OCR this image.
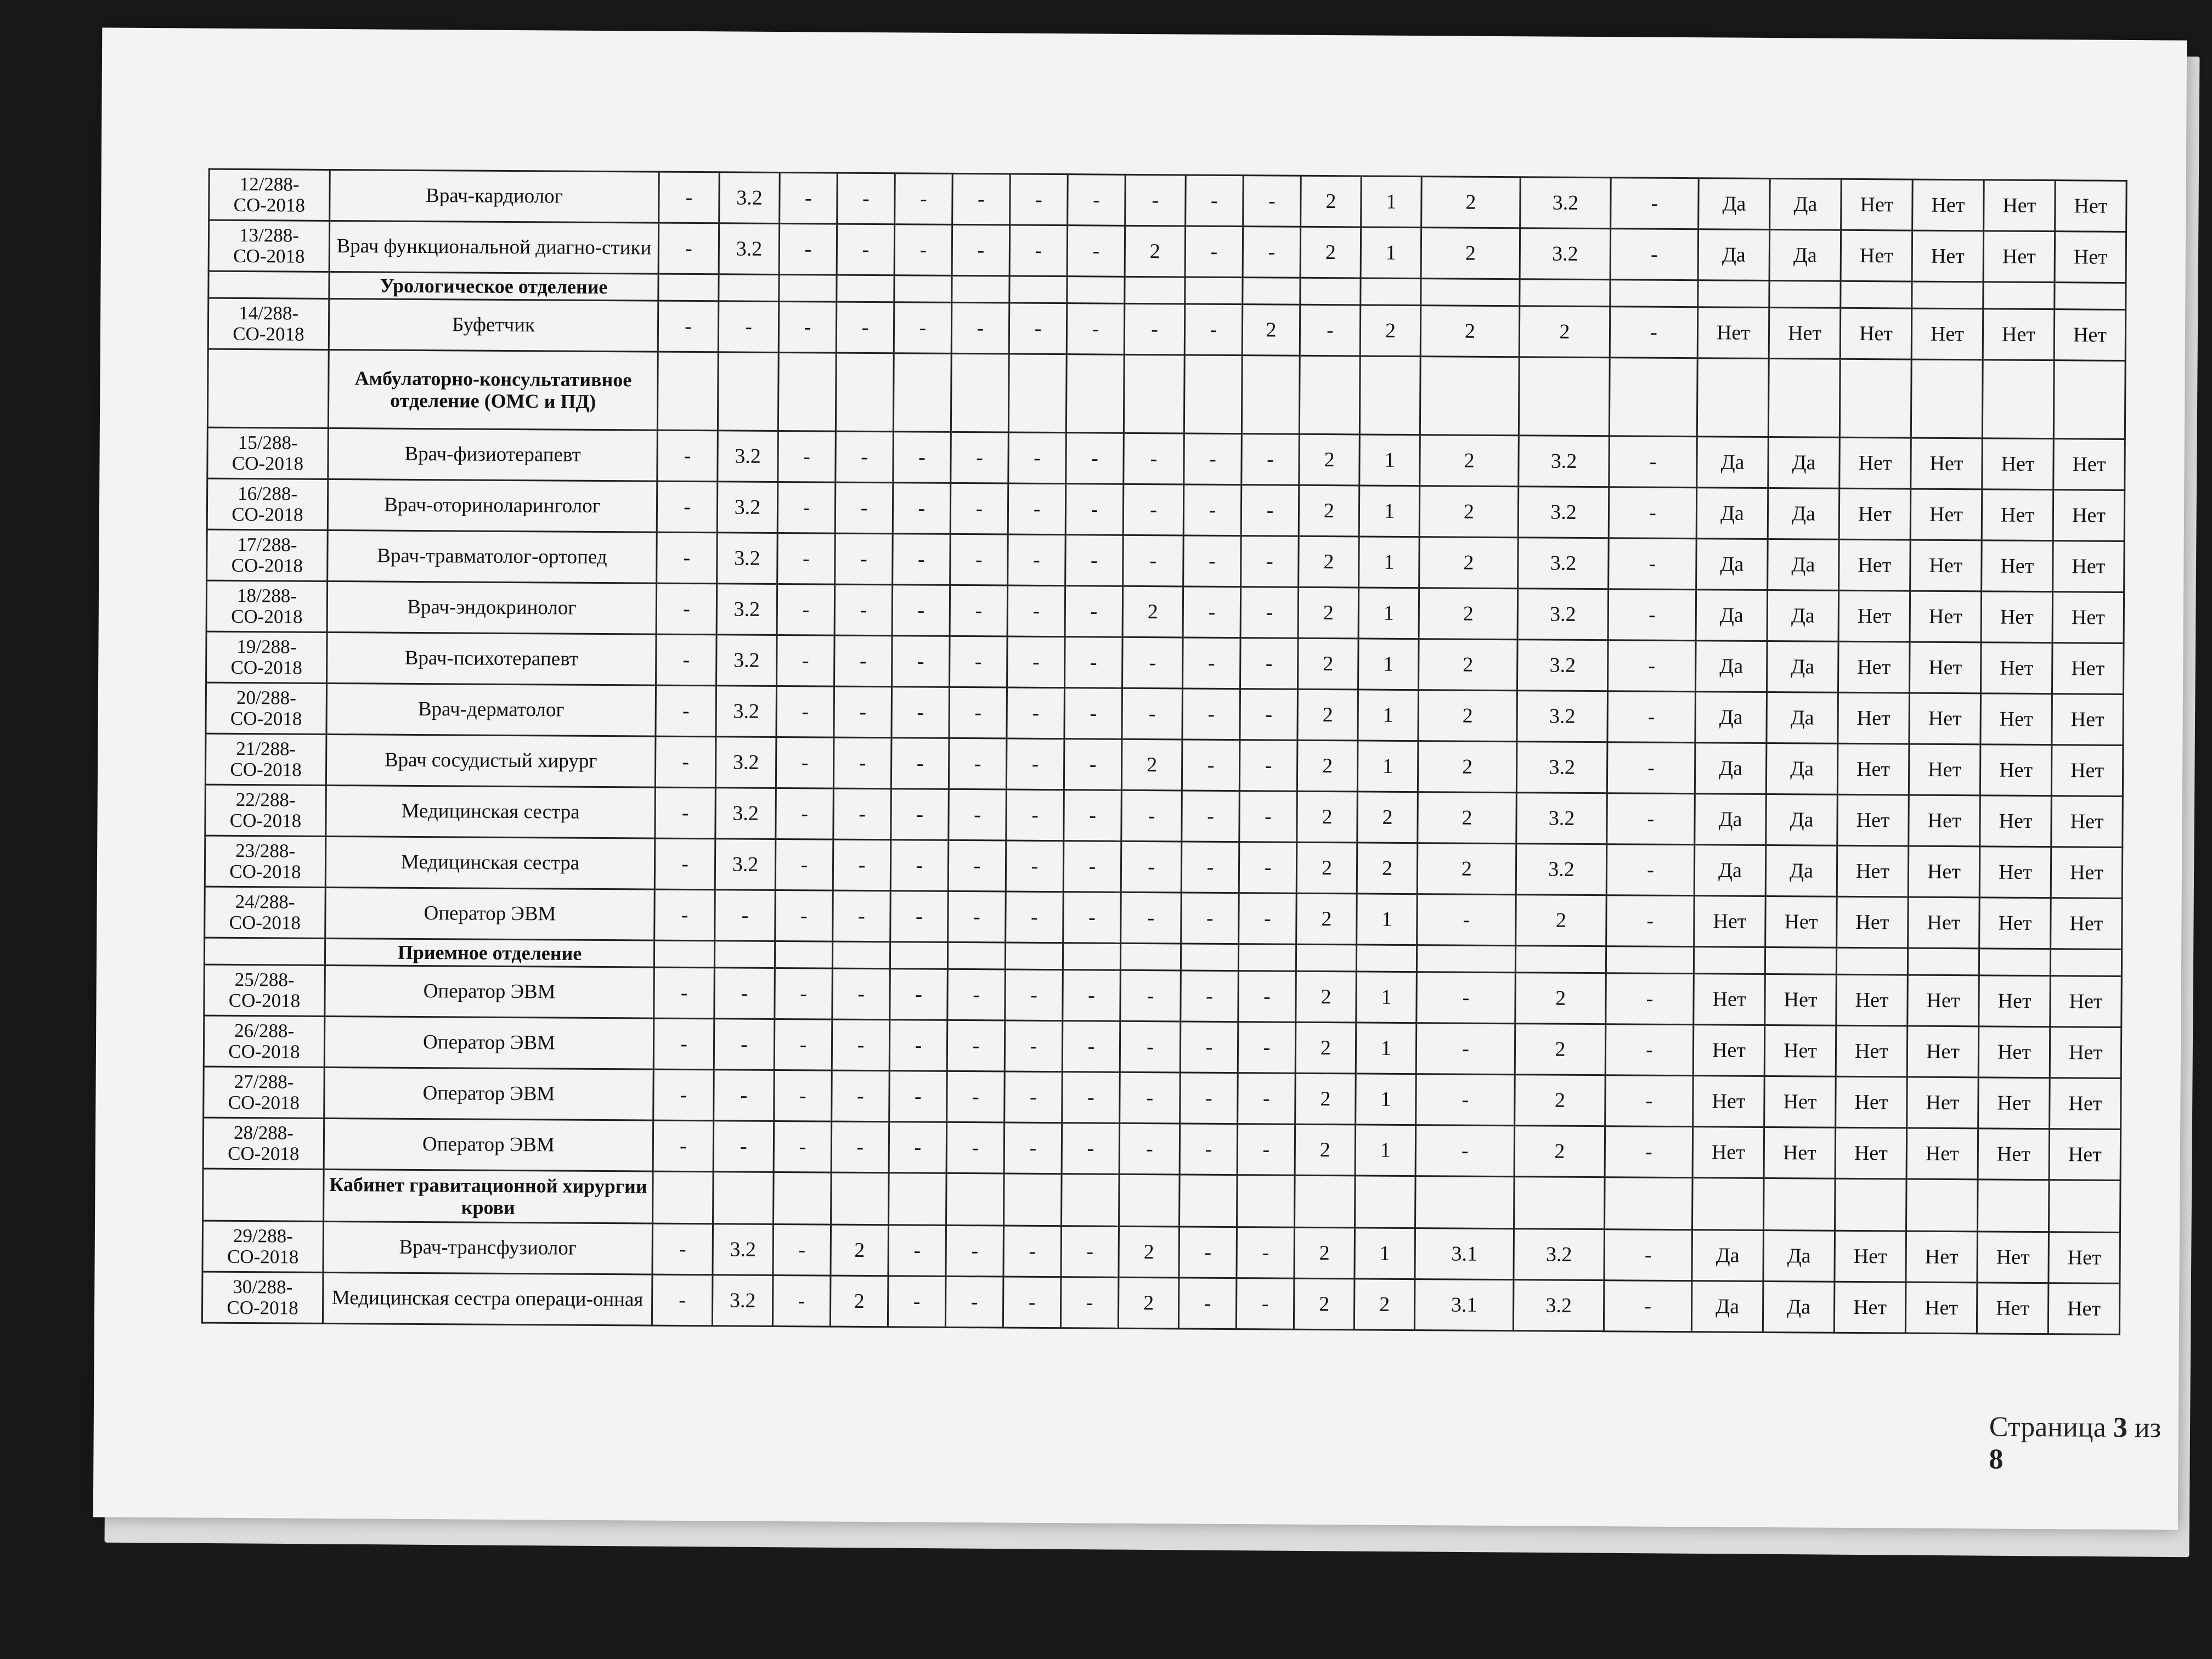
12/288-СО-2018	Врач-кардиолог	-	3.2	-	-	-	-	-	-	-	-	-	2	1	2	3.2	-	Да	Да	Нет	Нет	Нет	Нет
13/288-СО-2018	Врач функциональной диагно-стики	-	3.2	-	-	-	-	-	-	2	-	-	2	1	2	3.2	-	Да	Да	Нет	Нет	Нет	Нет
	Урологическое отделение																						
14/288-СО-2018	Буфетчик	-	-	-	-	-	-	-	-	-	-	2	-	2	2	2	-	Нет	Нет	Нет	Нет	Нет	Нет
	Амбулаторно-консультативное отделение (ОМС и ПД)																						
15/288-СО-2018	Врач-физиотерапевт	-	3.2	-	-	-	-	-	-	-	-	-	2	1	2	3.2	-	Да	Да	Нет	Нет	Нет	Нет
16/288-СО-2018	Врач-оториноларинголог	-	3.2	-	-	-	-	-	-	-	-	-	2	1	2	3.2	-	Да	Да	Нет	Нет	Нет	Нет
17/288-СО-2018	Врач-травматолог-ортопед	-	3.2	-	-	-	-	-	-	-	-	-	2	1	2	3.2	-	Да	Да	Нет	Нет	Нет	Нет
18/288-СО-2018	Врач-эндокринолог	-	3.2	-	-	-	-	-	-	2	-	-	2	1	2	3.2	-	Да	Да	Нет	Нет	Нет	Нет
19/288-СО-2018	Врач-психотерапевт	-	3.2	-	-	-	-	-	-	-	-	-	2	1	2	3.2	-	Да	Да	Нет	Нет	Нет	Нет
20/288-СО-2018	Врач-дерматолог	-	3.2	-	-	-	-	-	-	-	-	-	2	1	2	3.2	-	Да	Да	Нет	Нет	Нет	Нет
21/288-СО-2018	Врач сосудистый хирург	-	3.2	-	-	-	-	-	-	2	-	-	2	1	2	3.2	-	Да	Да	Нет	Нет	Нет	Нет
22/288-СО-2018	Медицинская сестра	-	3.2	-	-	-	-	-	-	-	-	-	2	2	2	3.2	-	Да	Да	Нет	Нет	Нет	Нет
23/288-СО-2018	Медицинская сестра	-	3.2	-	-	-	-	-	-	-	-	-	2	2	2	3.2	-	Да	Да	Нет	Нет	Нет	Нет
24/288-СО-2018	Оператор ЭВМ	-	-	-	-	-	-	-	-	-	-	-	2	1	-	2	-	Нет	Нет	Нет	Нет	Нет	Нет
	Приемное отделение																						
25/288-СО-2018	Оператор ЭВМ	-	-	-	-	-	-	-	-	-	-	-	2	1	-	2	-	Нет	Нет	Нет	Нет	Нет	Нет
26/288-СО-2018	Оператор ЭВМ	-	-	-	-	-	-	-	-	-	-	-	2	1	-	2	-	Нет	Нет	Нет	Нет	Нет	Нет
27/288-СО-2018	Оператор ЭВМ	-	-	-	-	-	-	-	-	-	-	-	2	1	-	2	-	Нет	Нет	Нет	Нет	Нет	Нет
28/288-СО-2018	Оператор ЭВМ	-	-	-	-	-	-	-	-	-	-	-	2	1	-	2	-	Нет	Нет	Нет	Нет	Нет	Нет
	Кабинет гравитационной хирургии крови																						
29/288-СО-2018	Врач-трансфузиолог	-	3.2	-	2	-	-	-	-	2	-	-	2	1	3.1	3.2	-	Да	Да	Нет	Нет	Нет	Нет
30/288-СО-2018	Медицинская сестра операци-онная	-	3.2	-	2	-	-	-	-	2	-	-	2	2	3.1	3.2	-	Да	Да	Нет	Нет	Нет	Нет
Страница 3 из 8
